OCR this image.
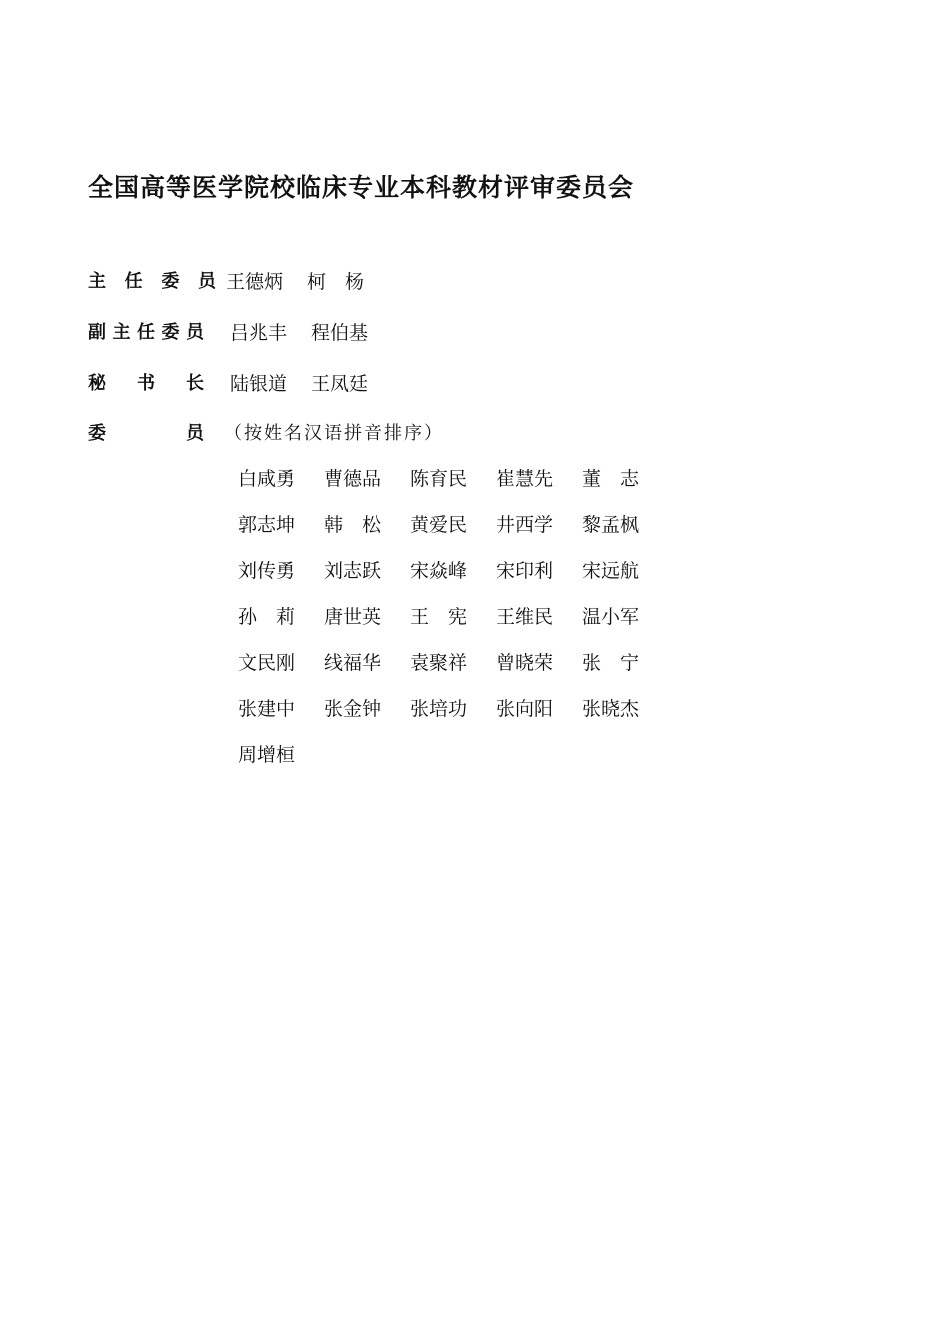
全国高等医学院校临床专业本科教材评审委员会
主 任 委 员 王德炳 柯　杨
副 主 任 委 员 吕兆丰 程伯基
秘 书 长 陆银道 王凤廷
委	员 （按姓名汉语拼音排序）
白咸勇	曹德品	陈育民	崔慧先	董　志
郭志坤	韩　松	黄爱民	井西学	黎孟枫
刘传勇	刘志跃	宋焱峰	宋印利	宋远航
孙　莉	唐世英	王　宪	王维民	温小军
文民刚	线福华	袁聚祥	曾晓荣	张　宁
张建中	张金钟	张培功	张向阳	张晓杰
周增桓
